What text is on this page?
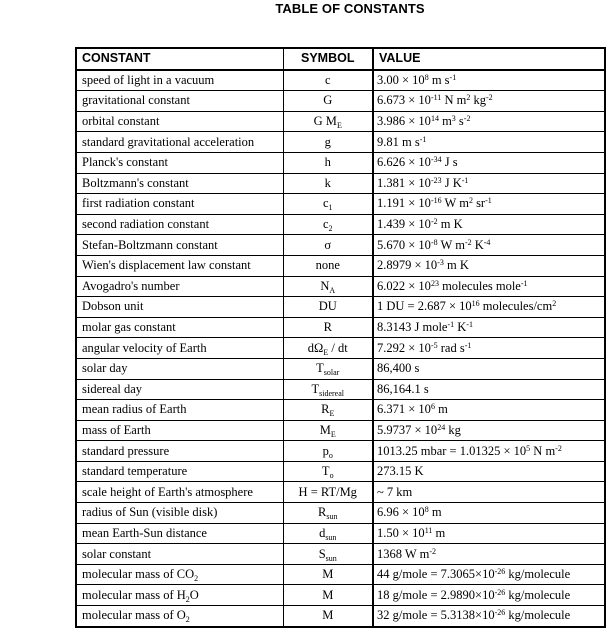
TABLE OF CONSTANTS
CONSTANT	SYMBOL	VALUE
speed of light in a vacuum	c	$3.00 \times 10^8$ m $s^{-1}$
gravitational constant	G	$6.673 \times 10^{-11}$ N $m^2$ $kg^{-2}$
orbital constant	G $M_E$	$3.986 \times 10^{14}$ $m^3$ $s^{-2}$
standard gravitational acceleration	g	9.81 m $s^{-1}$
Planck's constant	h	$6.626 \times 10^{-34}$ J s
Boltzmann's constant	k	$1.381 \times 10^{-23}$ J $K^{-1}$
first radiation constant	$c_1$	$1.191 \times 10^{-16}$ W $m^2$ $sr^{-1}$
second radiation constant	$c_2$	$1.439 \times 10^{-2}$ m K
Stefan-Boltzmann constant	σ	$5.670 \times 10^{-8}$ W $m^{-2}$ $K^{-4}$
Wien's displacement law constant	none	$2.8979 \times 10^{-3}$ m K
Avogadro's number	$N_A$	$6.022 \times 10^{23}$ molecules mole$^{-1}$
Dobson unit	DU	1 DU = $2.687 \times 10^{16}$ molecules/$cm^2$
molar gas constant	R	8.3143 J mole$^{-1}$ $K^{-1}$
angular velocity of Earth	$d\Omega_E$ / dt	$7.292 \times 10^{-5}$ rad $s^{-1}$
solar day	$T_{solar}$	86,400 s
sidereal day	$T_{sidereal}$	86,164.1 s
mean radius of Earth	$R_E$	$6.371 \times 10^6$ m
mass of Earth	$M_E$	$5.9737 \times 10^{24}$ kg
standard pressure	$p_o$	1013.25 mbar = $1.01325 \times 10^5$ N $m^{-2}$
standard temperature	$T_o$	273.15 K
scale height of Earth's atmosphere	H = RT/Mg	~ 7 km
radius of Sun (visible disk)	$R_{sun}$	$6.96 \times 10^8$ m
mean Earth-Sun distance	$d_{sun}$	$1.50 \times 10^{11}$ m
solar constant	$S_{sun}$	1368 W $m^{-2}$
molecular mass of $CO_2$	M	44 g/mole = $7.3065\times 10^{-26}$ kg/molecule
molecular mass of $H_2O$	M	18 g/mole = $2.9890\times 10^{-26}$ kg/molecule
molecular mass of $O_2$	M	32 g/mole = $5.3138\times 10^{-26}$ kg/molecule
